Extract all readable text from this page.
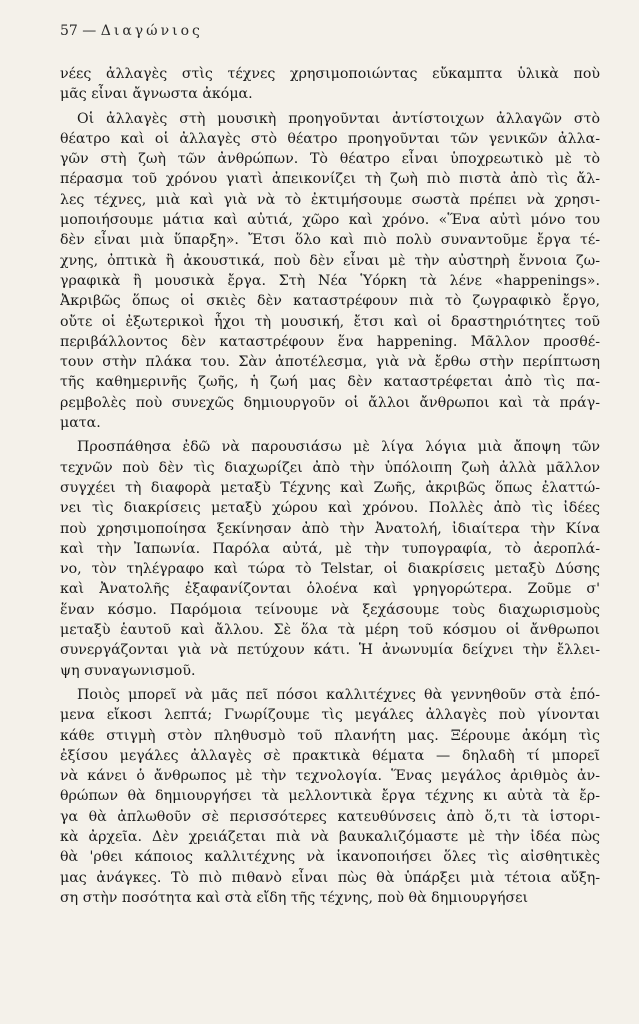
57 — Διαγώνιος
νέες ἀλλαγὲς στὶς τέχνες χρησιμοποιώντας εὔκαμπτα ὑλικὰ ποὺ
μᾶς εἶναι ἄγνωστα ἀκόμα.
Οἱ ἀλλαγὲς στὴ μουσικὴ προηγοῦνται ἀντίστοιχων ἀλλαγῶν στὸ
θέατρο καὶ οἱ ἀλλαγὲς στὸ θέατρο προηγοῦνται τῶν γενικῶν ἀλλα-
γῶν στὴ ζωὴ τῶν ἀνθρώπων. Τὸ θέατρο εἶναι ὑποχρεωτικὸ μὲ τὸ
πέρασμα τοῦ χρόνου γιατὶ ἀπεικονίζει τὴ ζωὴ πιὸ πιστὰ ἀπὸ τὶς ἄλ-
λες τέχνες, μιὰ καὶ γιὰ νὰ τὸ ἐκτιμήσουμε σωστὰ πρέπει νὰ χρησι-
μοποιήσουμε μάτια καὶ αὐτιά, χῶρο καὶ χρόνο. «Ἕνα αὐτὶ μόνο του
δὲν εἶναι μιὰ ὕπαρξη». Ἔτσι ὅλο καὶ πιὸ πολὺ συναντοῦμε ἔργα τέ-
χνης, ὀπτικὰ ἢ ἀκουστικά, ποὺ δὲν εἶναι μὲ τὴν αὐστηρὴ ἔννοια ζω-
γραφικὰ ἢ μουσικὰ ἔργα. Στὴ Νέα Ὑόρκη τὰ λένε «happenings».
Ἀκριβῶς ὅπως οἱ σκιὲς δὲν καταστρέφουν πιὰ τὸ ζωγραφικὸ ἔργο,
οὔτε οἱ ἐξωτερικοὶ ἦχοι τὴ μουσική, ἔτσι καὶ οἱ δραστηριότητες τοῦ
περιβάλλοντος δὲν καταστρέφουν ἕνα happening. Μᾶλλον προσθέ-
τουν στὴν πλάκα του. Σὰν ἀποτέλεσμα, γιὰ νὰ ἔρθω στὴν περίπτωση
τῆς καθημερινῆς ζωῆς, ἡ ζωή μας δὲν καταστρέφεται ἀπὸ τὶς πα-
ρεμβολὲς ποὺ συνεχῶς δημιουργοῦν οἱ ἄλλοι ἄνθρωποι καὶ τὰ πράγ-
ματα.
Προσπάθησα ἐδῶ νὰ παρουσιάσω μὲ λίγα λόγια μιὰ ἄποψη τῶν
τεχνῶν ποὺ δὲν τὶς διαχωρίζει ἀπὸ τὴν ὑπόλοιπη ζωὴ ἀλλὰ μᾶλλον
συγχέει τὴ διαφορὰ μεταξὺ Τέχνης καὶ Ζωῆς, ἀκριβῶς ὅπως ἐλαττώ-
νει τὶς διακρίσεις μεταξὺ χώρου καὶ χρόνου. Πολλὲς ἀπὸ τὶς ἰδέες
ποὺ χρησιμοποίησα ξεκίνησαν ἀπὸ τὴν Ἀνατολή, ἰδιαίτερα τὴν Κίνα
καὶ τὴν Ἰαπωνία. Παρόλα αὐτά, μὲ τὴν τυπογραφία, τὸ ἀεροπλά-
νο, τὸν τηλέγραφο καὶ τώρα τὸ Telstar, οἱ διακρίσεις μεταξὺ Δύσης
καὶ Ἀνατολῆς ἐξαφανίζονται ὁλοένα καὶ γρηγορώτερα. Ζοῦμε σ'
ἕναν κόσμο. Παρόμοια τείνουμε νὰ ξεχάσουμε τοὺς διαχωρισμοὺς
μεταξὺ ἑαυτοῦ καὶ ἄλλου. Σὲ ὅλα τὰ μέρη τοῦ κόσμου οἱ ἄνθρωποι
συνεργάζονται γιὰ νὰ πετύχουν κάτι. Ἡ ἀνωνυμία δείχνει τὴν ἔλλει-
ψη συναγωνισμοῦ.
Ποιὸς μπορεῖ νὰ μᾶς πεῖ πόσοι καλλιτέχνες θὰ γεννηθοῦν στὰ ἑπό-
μενα εἴκοσι λεπτά; Γνωρίζουμε τὶς μεγάλες ἀλλαγὲς ποὺ γίνονται
κάθε στιγμὴ στὸν πληθυσμὸ τοῦ πλανήτη μας. Ξέρουμε ἀκόμη τὶς
ἐξίσου μεγάλες ἀλλαγὲς σὲ πρακτικὰ θέματα — δηλαδὴ τί μπορεῖ
νὰ κάνει ὁ ἄνθρωπος μὲ τὴν τεχνολογία. Ἕνας μεγάλος ἀριθμὸς ἀν-
θρώπων θὰ δημιουργήσει τὰ μελλοντικὰ ἔργα τέχνης κι αὐτὰ τὰ ἔρ-
γα θὰ ἀπλωθοῦν σὲ περισσότερες κατευθύνσεις ἀπὸ ὅ,τι τὰ ἱστορι-
κὰ ἀρχεῖα. Δὲν χρειάζεται πιὰ νὰ βαυκαλιζόμαστε μὲ τὴν ἰδέα πὼς
θὰ 'ρθει κάποιος καλλιτέχνης νὰ ἱκανοποιήσει ὅλες τὶς αἰσθητικὲς
μας ἀνάγκες. Τὸ πιὸ πιθανὸ εἶναι πὼς θὰ ὑπάρξει μιὰ τέτοια αὔξη-
ση στὴν ποσότητα καὶ στὰ εἴδη τῆς τέχνης, ποὺ θὰ δημιουργήσει
